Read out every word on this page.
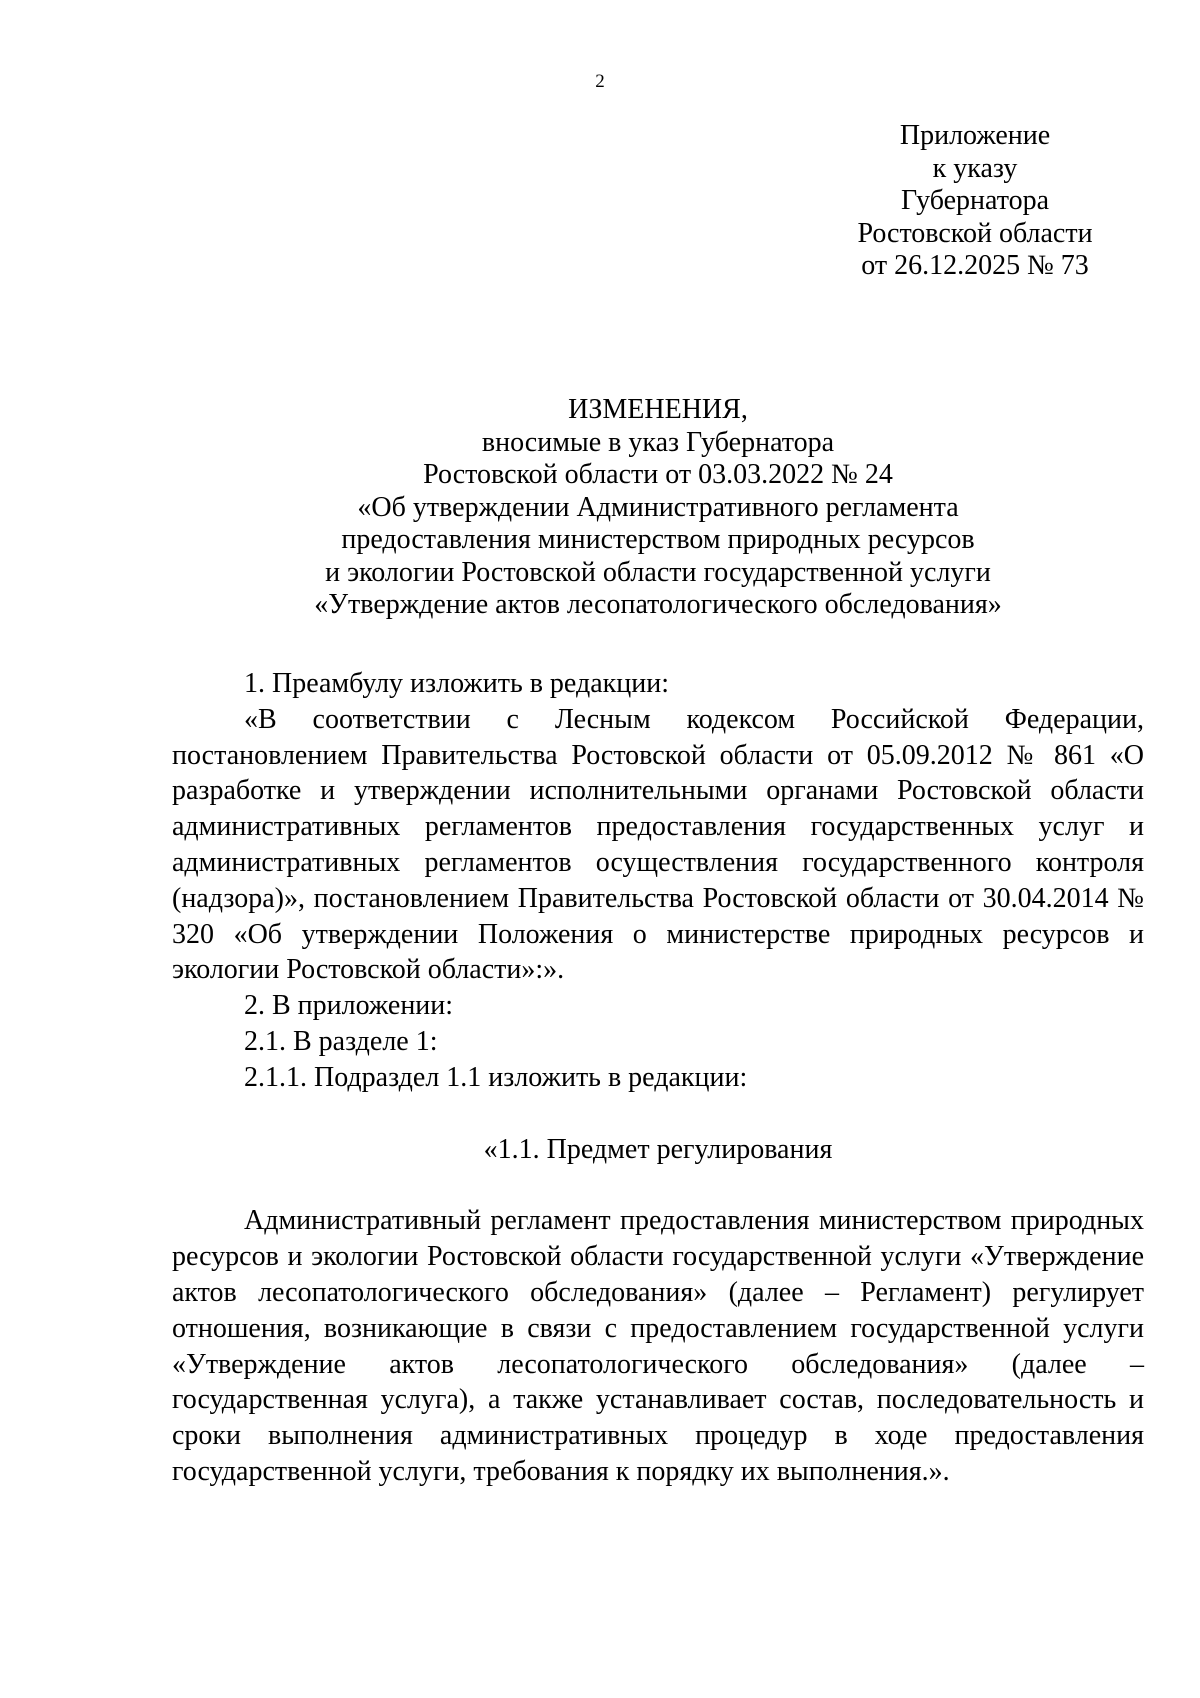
2
Приложение
к указу
Губернатора
Ростовской области
от 26.12.2025 № 73
ИЗМЕНЕНИЯ,
вносимые в указ Губернатора
Ростовской области от 03.03.2022 № 24
«Об утверждении Административного регламента
предоставления министерством природных ресурсов
и экологии Ростовской области государственной услуги
«Утверждение актов лесопатологического обследования»

1. Преамбулу изложить в редакции:

«В соответствии с Лесным кодексом Российской Федерации, постановлением Правительства Ростовской области от 05.09.2012 № 861 «О разработке и утверждении исполнительными органами Ростовской области административных регламентов предоставления государственных услуг и административных регламентов осуществления государственного контроля (надзора)», постановлением Правительства Ростовской области от 30.04.2014 № 320 «Об утверждении Положения о министерстве природных ресурсов и экологии Ростовской области»:».

2. В приложении:

2.1. В разделе 1:

2.1.1. Подраздел 1.1 изложить в редакции:

«1.1. Предмет регулирования

Административный регламент предоставления министерством природных ресурсов и экологии Ростовской области государственной услуги «Утверждение актов лесопатологического обследования» (далее – Регламент) регулирует отношения, возникающие в связи с предоставлением государственной услуги «Утверждение актов лесопатологического обследования» (далее – государственная услуга), а также устанавливает состав, последовательность и сроки выполнения административных процедур в ходе предоставления государственной услуги, требования к порядку их выполнения.».
